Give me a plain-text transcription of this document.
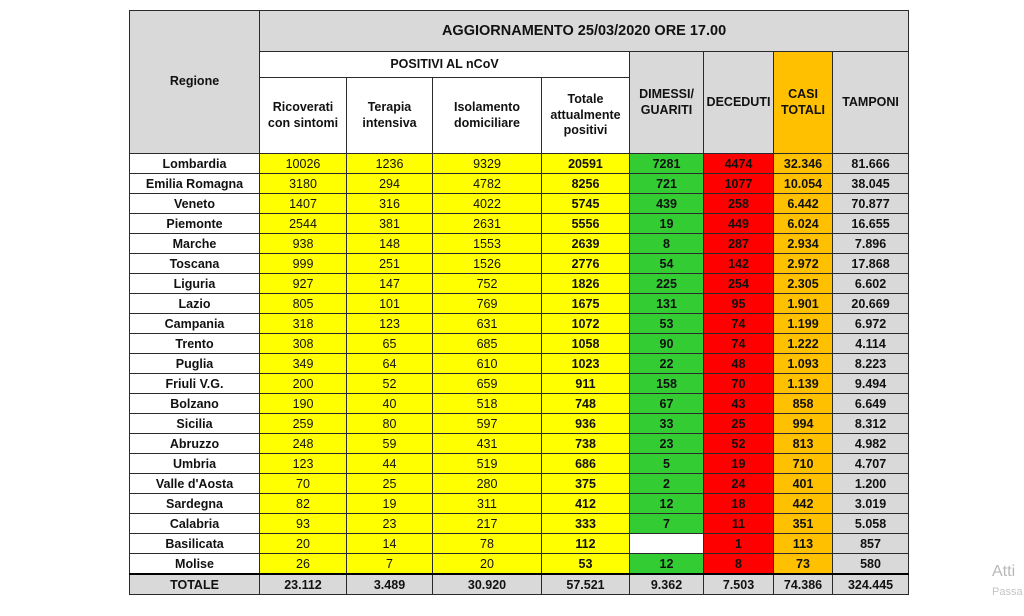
Regione	AGGIORNAMENTO 25/03/2020 ORE 17.00							
	POSITIVI AL nCoV				DIMESSI/ GUARITI	DECEDUTI	CASI TOTALI	TAMPONI
	Ricoverati con sintomi	Terapia intensiva	Isolamento domiciliare	Totale attualmente positivi				
Lombardia	10026	1236	9329	20591	7281	4474	32.346	81.666
Emilia Romagna	3180	294	4782	8256	721	1077	10.054	38.045
Veneto	1407	316	4022	5745	439	258	6.442	70.877
Piemonte	2544	381	2631	5556	19	449	6.024	16.655
Marche	938	148	1553	2639	8	287	2.934	7.896
Toscana	999	251	1526	2776	54	142	2.972	17.868
Liguria	927	147	752	1826	225	254	2.305	6.602
Lazio	805	101	769	1675	131	95	1.901	20.669
Campania	318	123	631	1072	53	74	1.199	6.972
Trento	308	65	685	1058	90	74	1.222	4.114
Puglia	349	64	610	1023	22	48	1.093	8.223
Friuli V.G.	200	52	659	911	158	70	1.139	9.494
Bolzano	190	40	518	748	67	43	858	6.649
Sicilia	259	80	597	936	33	25	994	8.312
Abruzzo	248	59	431	738	23	52	813	4.982
Umbria	123	44	519	686	5	19	710	4.707
Valle d'Aosta	70	25	280	375	2	24	401	1.200
Sardegna	82	19	311	412	12	18	442	3.019
Calabria	93	23	217	333	7	11	351	5.058
Basilicata	20	14	78	112		1	113	857
Molise	26	7	20	53	12	8	73	580
TOTALE	23.112	3.489	30.920	57.521	9.362	7.503	74.386	324.445
Atti
Passa
